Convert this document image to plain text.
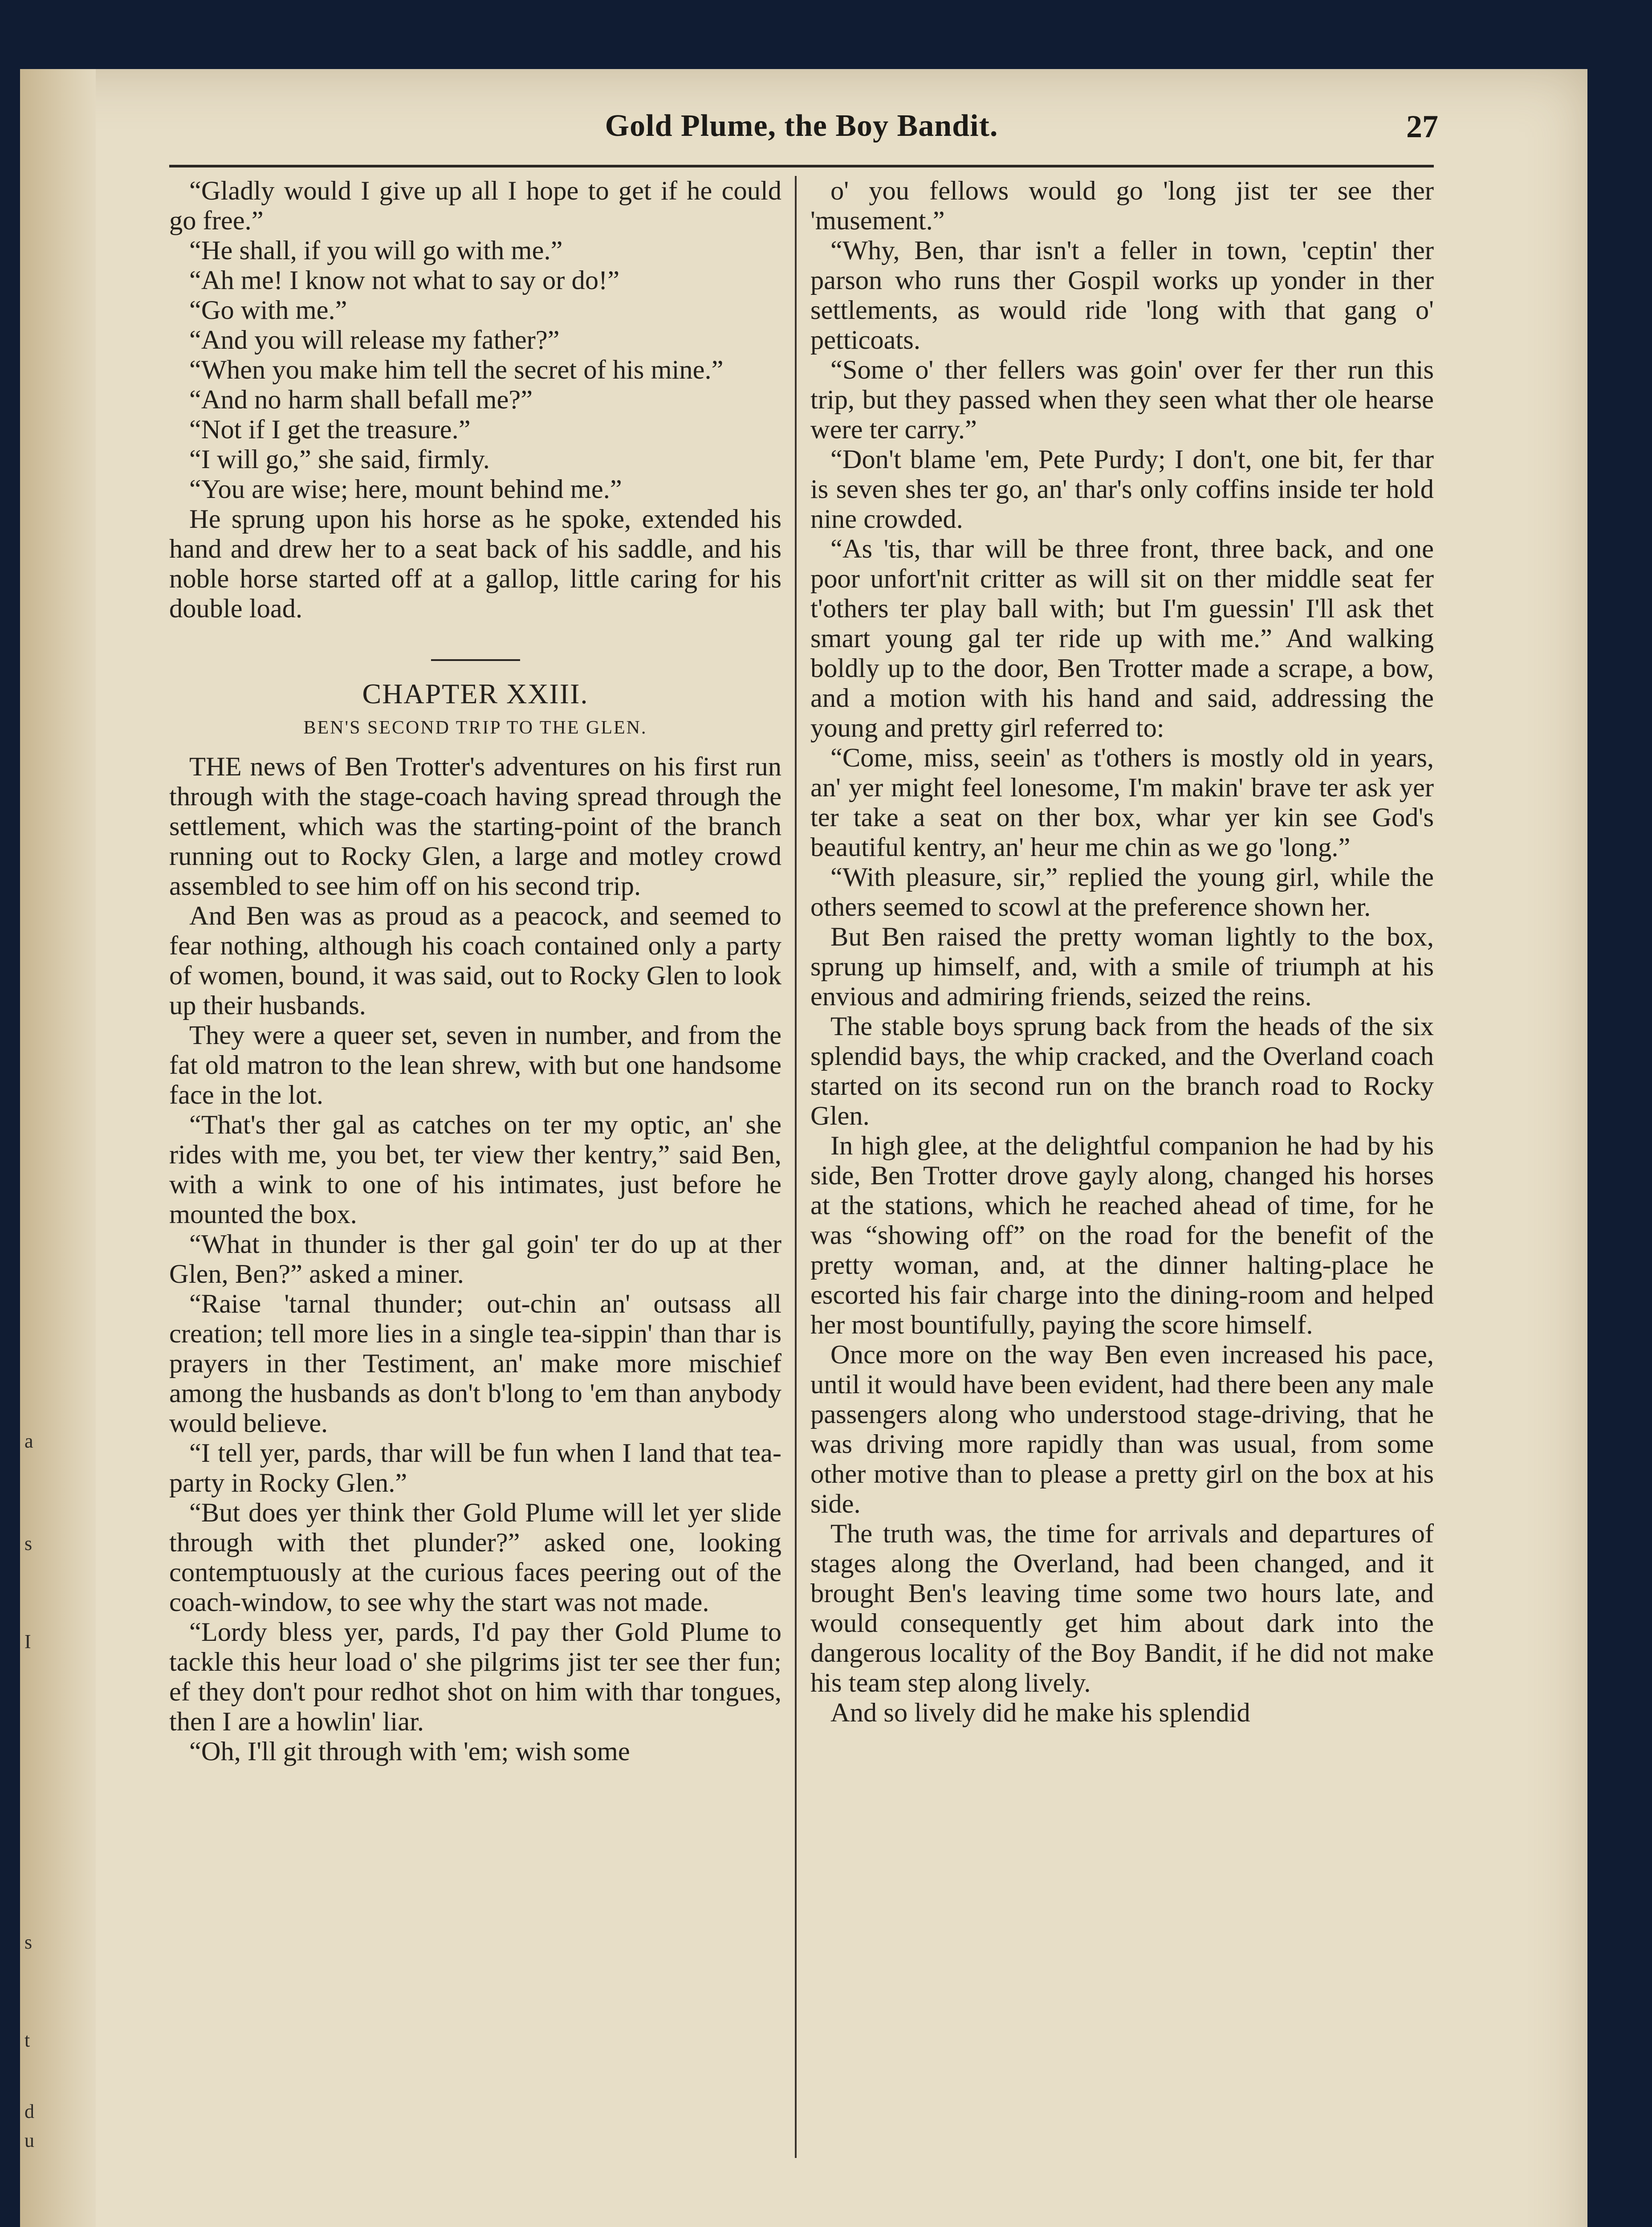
a
s
I
s
t
d
u
Gold Plume, the Boy Bandit.	27

“Gladly would I give up all I hope to get if he could go free.”

“He shall, if you will go with me.”

“Ah me! I know not what to say or do!”

“Go with me.”

“And you will release my father?”

“When you make him tell the secret of his mine.”

“And no harm shall befall me?”

“Not if I get the treasure.”

“I will go,” she said, firmly.

“You are wise; here, mount behind me.”

He sprung upon his horse as he spoke, extended his hand and drew her to a seat back of his saddle, and his noble horse started off at a gallop, little caring for his double load.

CHAPTER XXIII.
BEN'S SECOND TRIP TO THE GLEN.

THE news of Ben Trotter's adventures on his first run through with the stage-coach having spread through the settlement, which was the starting-point of the branch running out to Rocky Glen, a large and motley crowd assembled to see him off on his second trip.

And Ben was as proud as a peacock, and seemed to fear nothing, although his coach contained only a party of women, bound, it was said, out to Rocky Glen to look up their husbands.

They were a queer set, seven in number, and from the fat old matron to the lean shrew, with but one handsome face in the lot.

“That's ther gal as catches on ter my optic, an' she rides with me, you bet, ter view ther kentry,” said Ben, with a wink to one of his intimates, just before he mounted the box.

“What in thunder is ther gal goin' ter do up at ther Glen, Ben?” asked a miner.

“Raise 'tarnal thunder; out-chin an' outsass all creation; tell more lies in a single tea-sippin' than thar is prayers in ther Testiment, an' make more mischief among the husbands as don't b'long to 'em than anybody would believe.

“I tell yer, pards, thar will be fun when I land that tea-party in Rocky Glen.”

“But does yer think ther Gold Plume will let yer slide through with thet plunder?” asked one, looking contemptuously at the curious faces peering out of the coach-window, to see why the start was not made.

“Lordy bless yer, pards, I'd pay ther Gold Plume to tackle this heur load o' she pilgrims jist ter see ther fun; ef they don't pour redhot shot on him with thar tongues, then I are a howlin' liar.

“Oh, I'll git through with 'em; wish some

o' you fellows would go 'long jist ter see ther 'musement.”

“Why, Ben, thar isn't a feller in town, 'ceptin' ther parson who runs ther Gospil works up yonder in ther settlements, as would ride 'long with that gang o' petticoats.

“Some o' ther fellers was goin' over fer ther run this trip, but they passed when they seen what ther ole hearse were ter carry.”

“Don't blame 'em, Pete Purdy; I don't, one bit, fer thar is seven shes ter go, an' thar's only coffins inside ter hold nine crowded.

“As 'tis, thar will be three front, three back, and one poor unfort'nit critter as will sit on ther middle seat fer t'others ter play ball with; but I'm guessin' I'll ask thet smart young gal ter ride up with me.” And walking boldly up to the door, Ben Trotter made a scrape, a bow, and a motion with his hand and said, addressing the young and pretty girl referred to:

“Come, miss, seein' as t'others is mostly old in years, an' yer might feel lonesome, I'm makin' brave ter ask yer ter take a seat on ther box, whar yer kin see God's beautiful kentry, an' heur me chin as we go 'long.”

“With pleasure, sir,” replied the young girl, while the others seemed to scowl at the preference shown her.

But Ben raised the pretty woman lightly to the box, sprung up himself, and, with a smile of triumph at his envious and admiring friends, seized the reins.

The stable boys sprung back from the heads of the six splendid bays, the whip cracked, and the Overland coach started on its second run on the branch road to Rocky Glen.

In high glee, at the delightful companion he had by his side, Ben Trotter drove gayly along, changed his horses at the stations, which he reached ahead of time, for he was “showing off” on the road for the benefit of the pretty woman, and, at the dinner halting-place he escorted his fair charge into the dining-room and helped her most bountifully, paying the score himself.

Once more on the way Ben even increased his pace, until it would have been evident, had there been any male passengers along who understood stage-driving, that he was driving more rapidly than was usual, from some other motive than to please a pretty girl on the box at his side.

The truth was, the time for arrivals and departures of stages along the Overland, had been changed, and it brought Ben's leaving time some two hours late, and would consequently get him about dark into the dangerous locality of the Boy Bandit, if he did not make his team step along lively.

And so lively did he make his splendid
